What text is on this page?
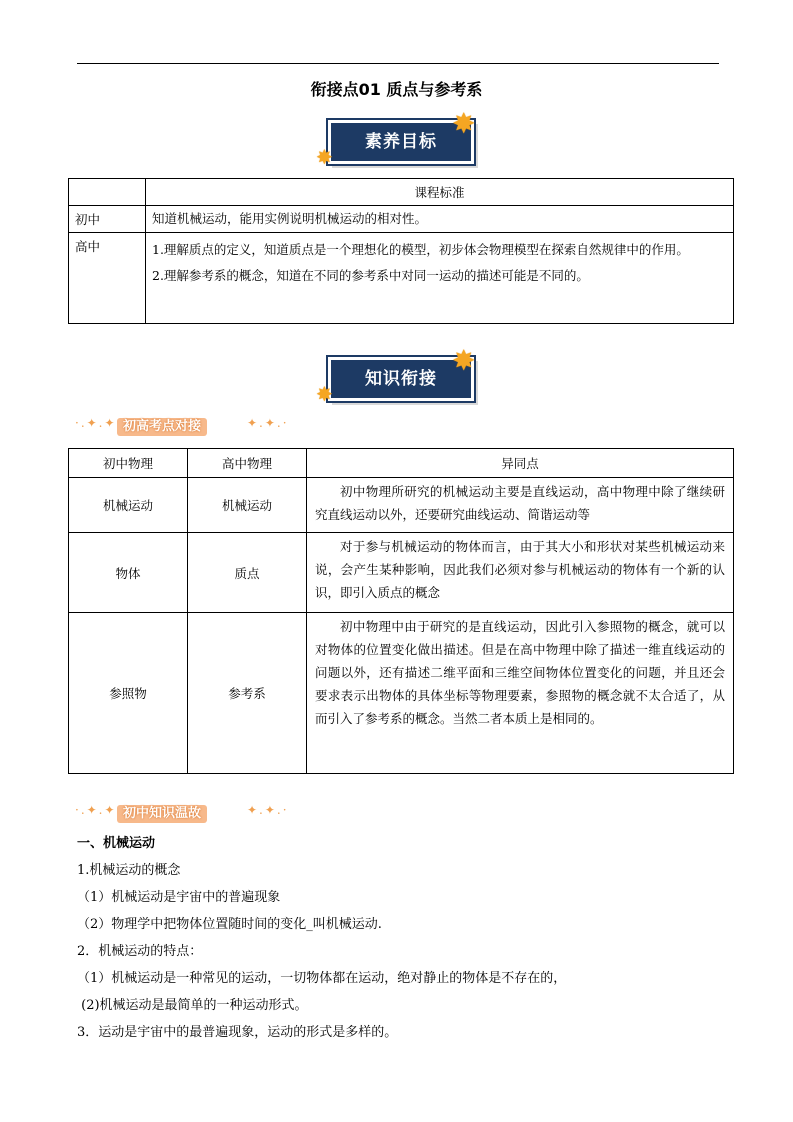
衔接点01 质点与参考系
素养目标
✸
✸
	课程标准
初中	知道机械运动，能用实例说明机械运动的相对性。
高中	1.理解质点的定义，知道质点是一个理想化的模型，初步体会物理模型在探索自然规律中的作用。
2.理解参考系的概念，知道在不同的参考系中对同一运动的描述可能是不同的。
知识衔接
✸
✸
·.✦.✦ 初高考点对接	✦.✦.·
初中物理	高中物理	异同点
机械运动	机械运动	初中物理所研究的机械运动主要是直线运动，高中物理中除了继续研究直线运动以外，还要研究曲线运动、简谐运动等
物体	质点	对于参与机械运动的物体而言，由于其大小和形状对某些机械运动来说，会产生某种影响，因此我们必须对参与机械运动的物体有一个新的认识，即引入质点的概念
参照物	参考系	初中物理中由于研究的是直线运动，因此引入参照物的概念，就可以对物体的位置变化做出描述。但是在高中物理中除了描述一维直线运动的问题以外，还有描述二维平面和三维空间物体位置变化的问题，并且还会要求表示出物体的具体坐标等物理要素，参照物的概念就不太合适了，从而引入了参考系的概念。当然二者本质上是相同的。
·.✦.✦ 初中知识温故	✦.✦.·
一、机械运动
1.机械运动的概念
（1）机械运动是宇宙中的普遍现象
（2）物理学中把物体位置随时间的变化_叫机械运动.
2．机械运动的特点：
（1）机械运动是一种常见的运动，一切物体都在运动，绝对静止的物体是不存在的，
(2)机械运动是最简单的一种运动形式。
3．运动是宇宙中的最普遍现象，运动的形式是多样的。
